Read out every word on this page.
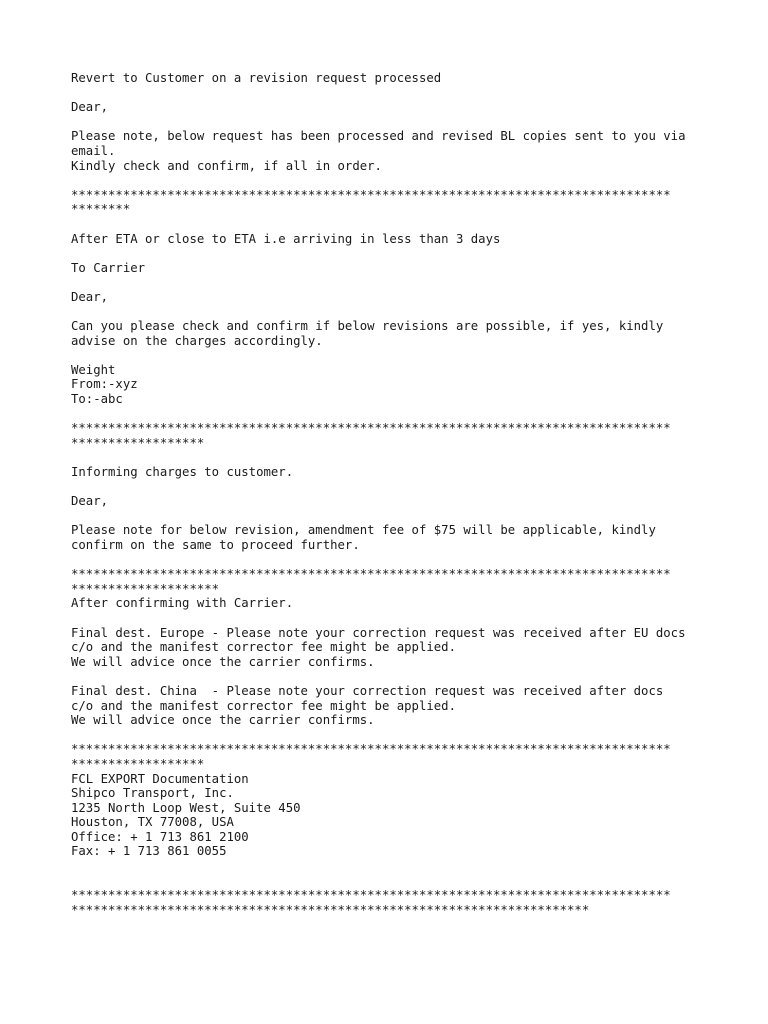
Revert to Customer on a revision request processed
Dear,
Please note, below request has been processed and revised BL copies sent to you via
email.
Kindly check and confirm, if all in order.
*********************************************************************************
********
After ETA or close to ETA i.e arriving in less than 3 days
To Carrier
Dear,
Can you please check and confirm if below revisions are possible, if yes, kindly
advise on the charges accordingly.
Weight
From:-xyz
To:-abc
*********************************************************************************
******************
Informing charges to customer.
Dear,
Please note for below revision, amendment fee of $75 will be applicable, kindly
confirm on the same to proceed further.
*********************************************************************************
********************
After confirming with Carrier.
Final dest. Europe - Please note your correction request was received after EU docs
c/o and the manifest corrector fee might be applied.
We will advice once the carrier confirms.
Final dest. China  - Please note your correction request was received after docs
c/o and the manifest corrector fee might be applied.
We will advice once the carrier confirms.
*********************************************************************************
******************
FCL EXPORT Documentation
Shipco Transport, Inc.
1235 North Loop West, Suite 450
Houston, TX 77008, USA
Office: + 1 713 861 2100
Fax: + 1 713 861 0055
*********************************************************************************
**********************************************************************
